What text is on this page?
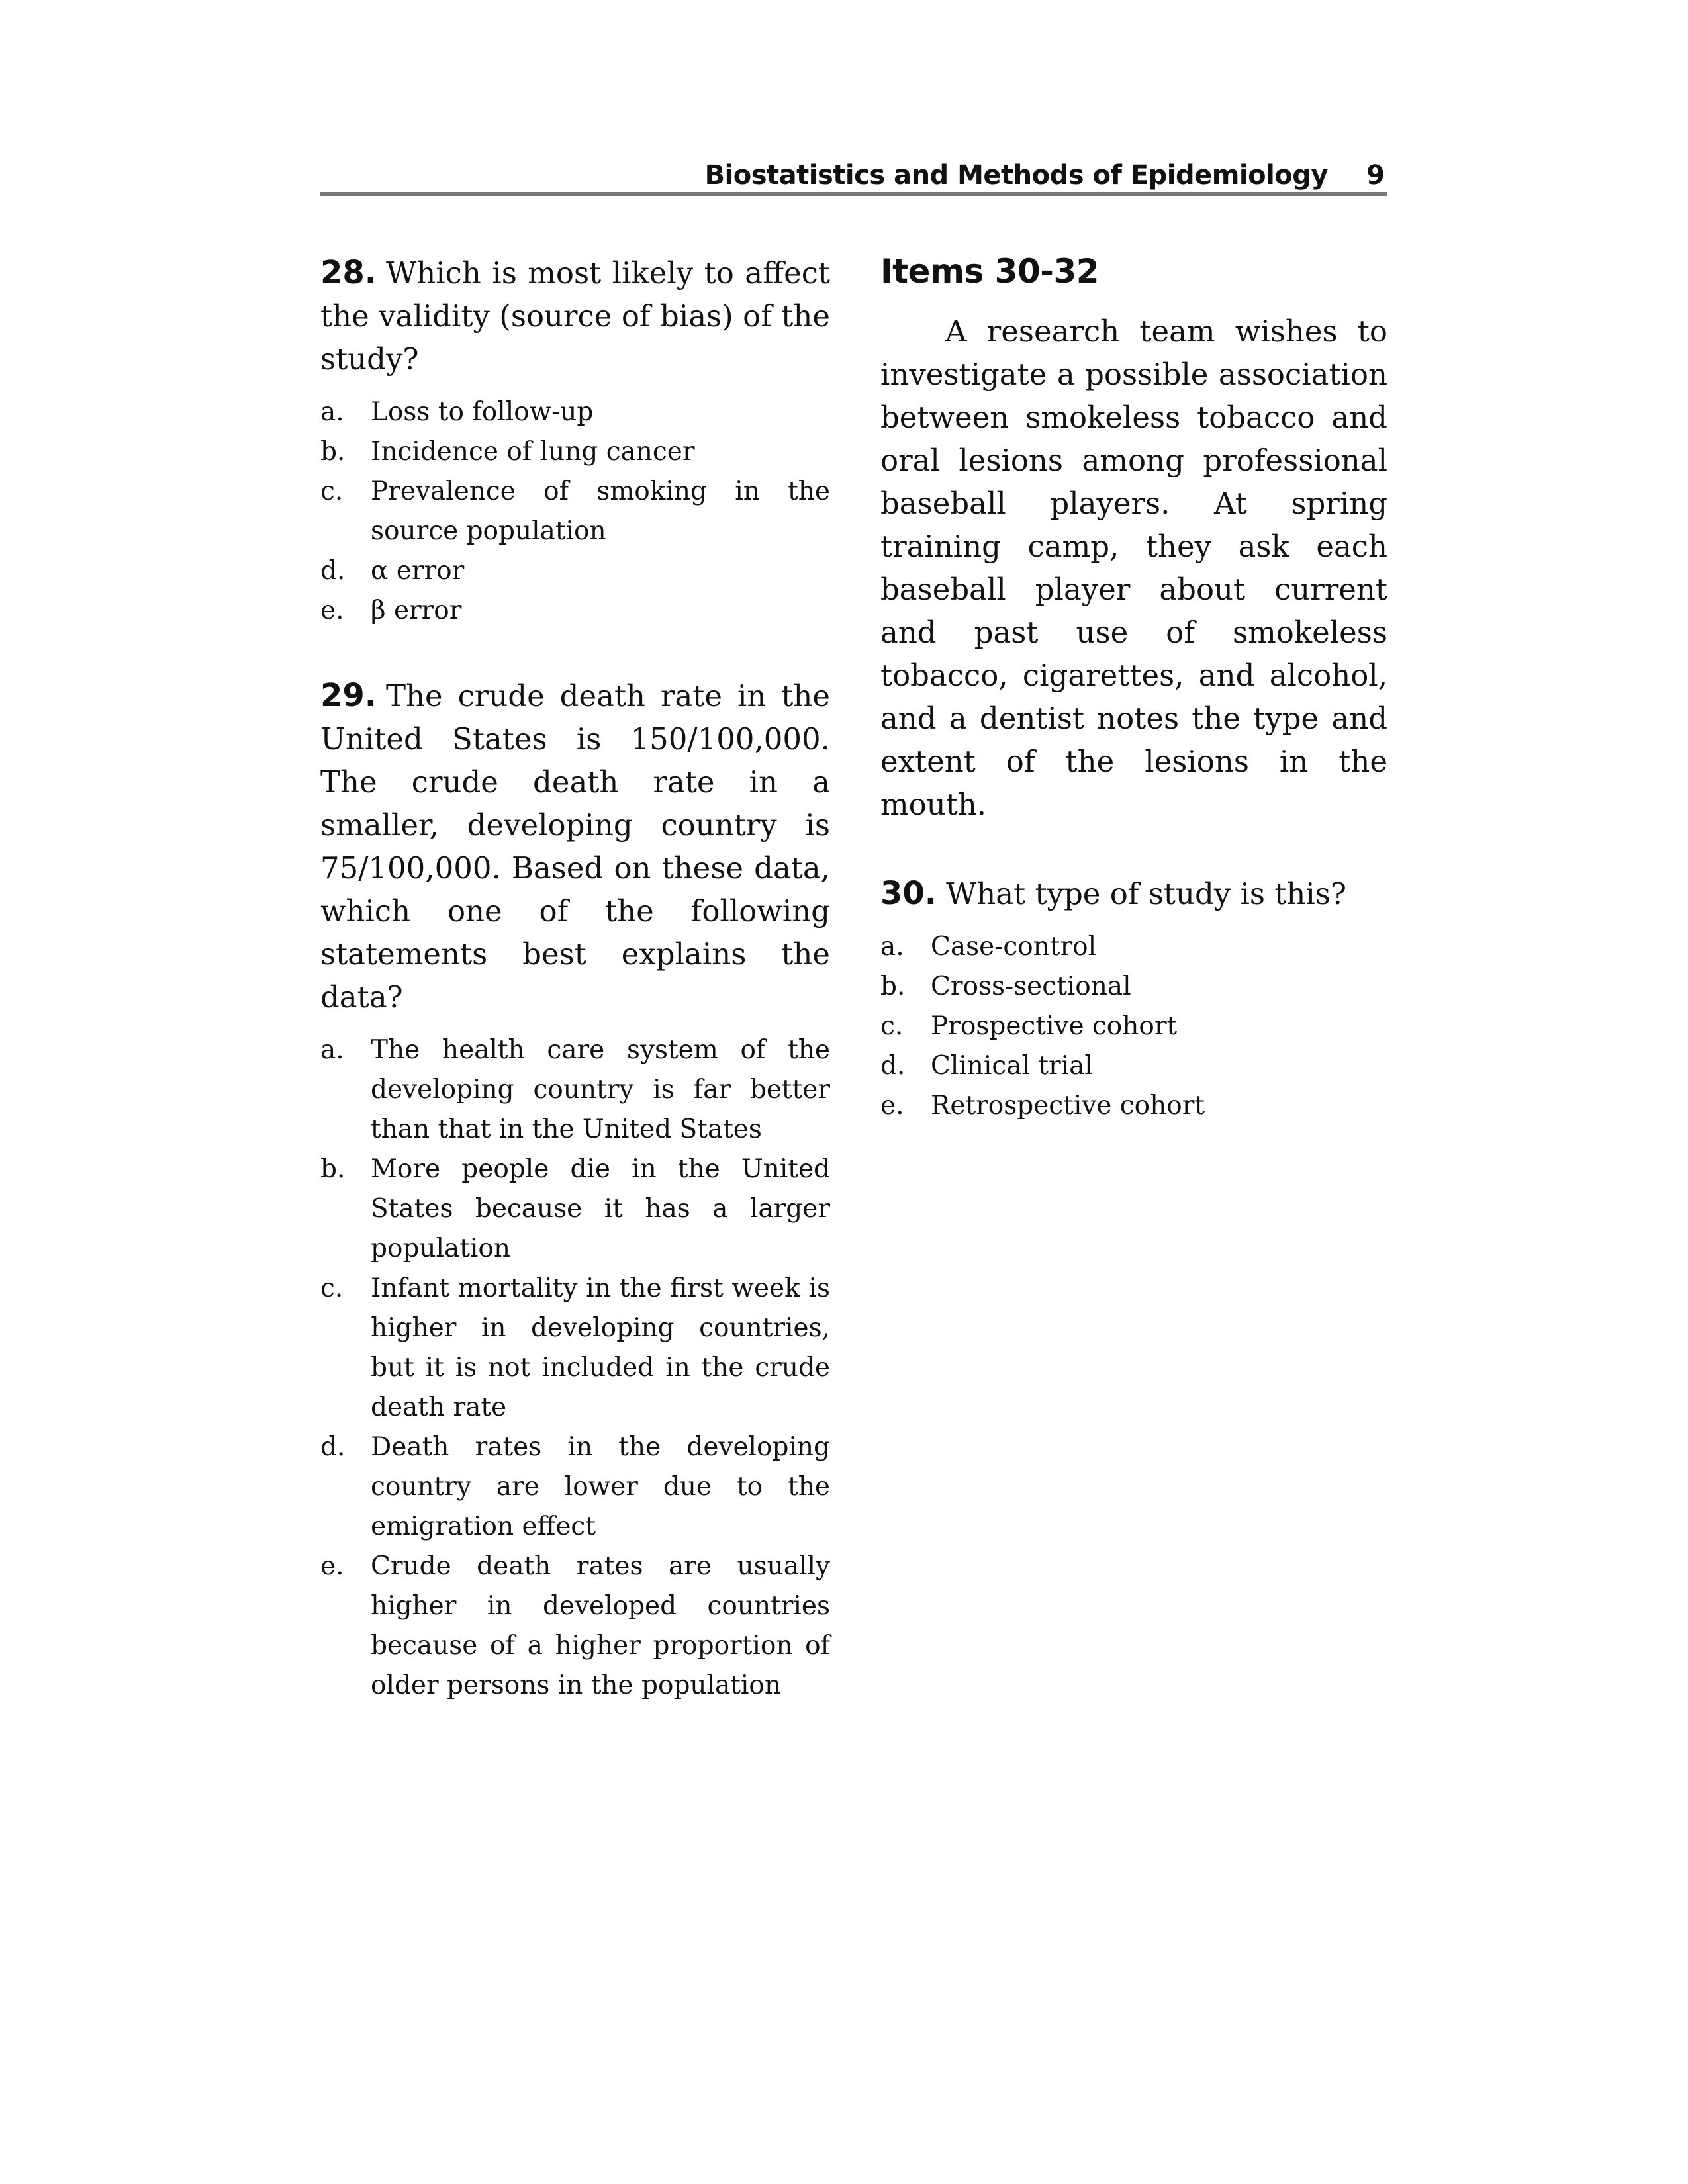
Biostatistics and Methods of Epidemiology 9

28. Which is most likely to affect the validity (source of bias) of the study?

a. Loss to follow-up
b. Incidence of lung cancer
c. Prevalence of smoking in the source population
d. α error
e. β error

29. The crude death rate in the United States is 150/100,000. The crude death rate in a smaller, developing country is 75/100,000. Based on these data, which one of the following statements best explains the data?

a. The health care system of the developing country is far better than that in the United States
b. More people die in the United States because it has a larger population
c. Infant mortality in the first week is higher in developing countries, but it is not included in the crude death rate
d. Death rates in the developing country are lower due to the emigration effect
e. Crude death rates are usually higher in developed countries because of a higher proportion of older persons in the population
Items 30-32

A research team wishes to investigate a possible association between smokeless tobacco and oral lesions among professional baseball players. At spring training camp, they ask each baseball player about current and past use of smokeless tobacco, cigarettes, and alcohol, and a dentist notes the type and extent of the lesions in the mouth.

30. What type of study is this?

a. Case-control
b. Cross-sectional
c. Prospective cohort
d. Clinical trial
e. Retrospective cohort
